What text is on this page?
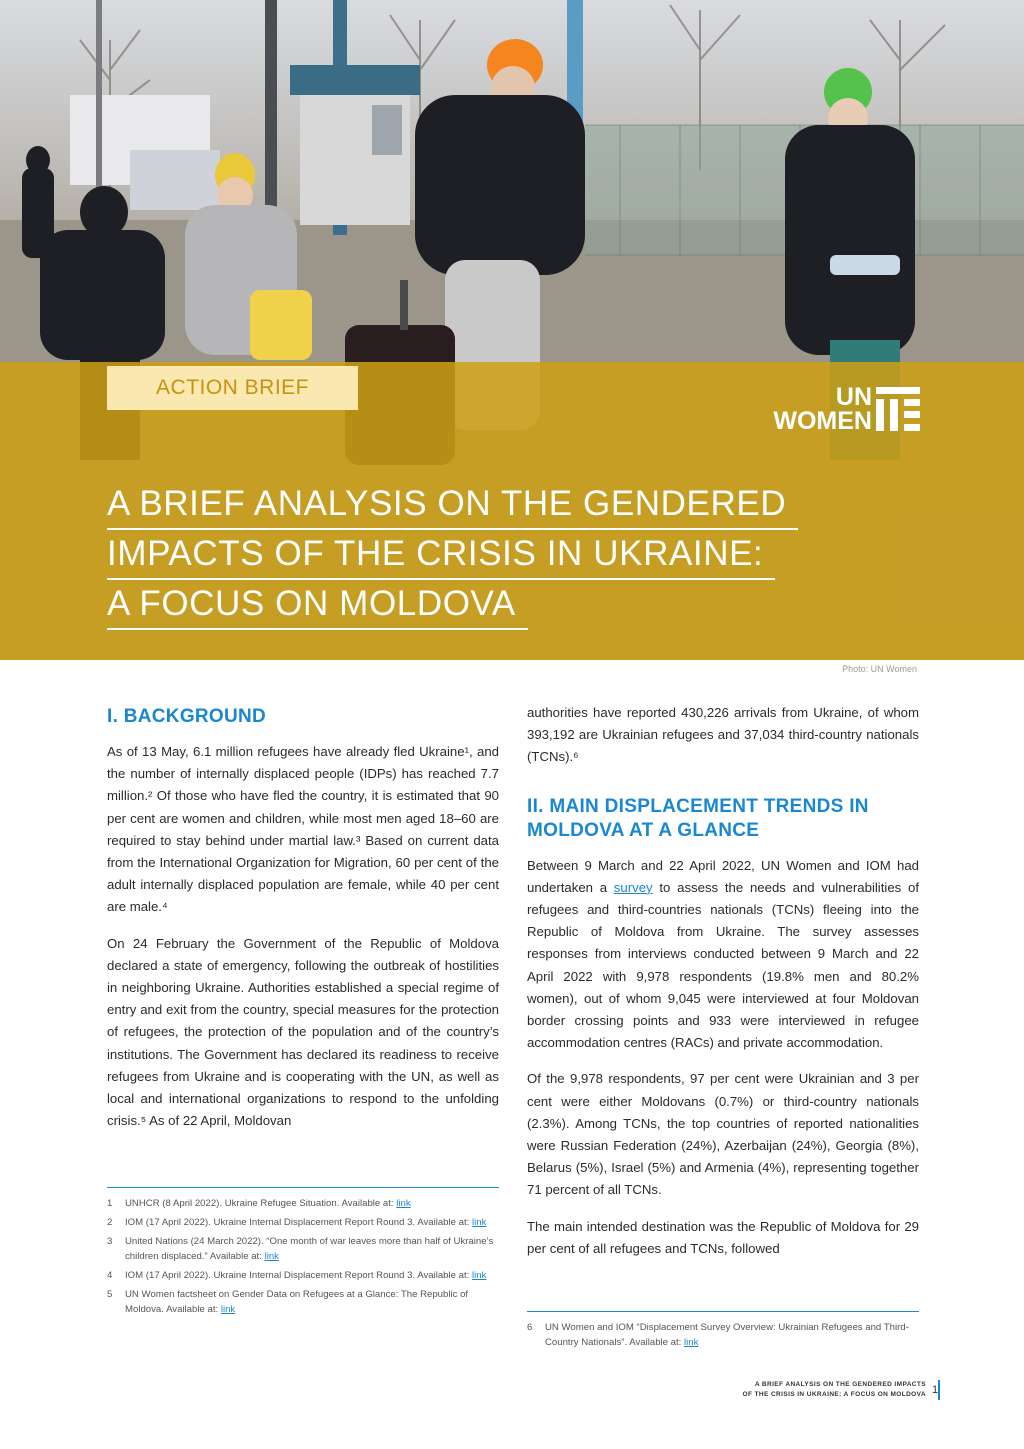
ACTION BRIEF	UN
WOMEN
A BRIEF ANALYSIS ON THE GENDERED
IMPACTS OF THE CRISIS IN UKRAINE:
A FOCUS ON MOLDOVA
Photo: UN Women
I. BACKGROUND

As of 13 May, 6.1 million refugees have already fled Ukraine¹, and the number of internally displaced people (IDPs) has reached 7.7 million.² Of those who have fled the country, it is estimated that 90 per cent are women and children, while most men aged 18–60 are required to stay behind under martial law.³ Based on current data from the International Organization for Migration, 60 per cent of the adult internally displaced population are female, while 40 per cent are male.⁴

On 24 February the Government of the Republic of Moldova declared a state of emergency, following the outbreak of hostilities in neighboring Ukraine. Authorities established a special regime of entry and exit from the country, special measures for the protection of refugees, the protection of the population and of the country’s institutions. The Government has declared its readiness to receive refugees from Ukraine and is cooperating with the UN, as well as local and international organizations to respond to the unfolding crisis.⁵ As of 22 April, Moldovan

1	UNHCR (8 April 2022). Ukraine Refugee Situation. Available at: link
2	IOM (17 April 2022). Ukraine Internal Displacement Report Round 3. Available at: link
3	United Nations (24 March 2022). “One month of war leaves more than half of Ukraine’s children displaced.” Available at: link
4	IOM (17 April 2022). Ukraine Internal Displacement Report Round 3. Available at: link
5	UN Women factsheet on Gender Data on Refugees at a Glance: The Republic of Moldova. Available at: link

authorities have reported 430,226 arrivals from Ukraine, of whom 393,192 are Ukrainian refugees and 37,034 third-country nationals (TCNs).⁶

II. MAIN DISPLACEMENT TRENDS IN MOLDOVA AT A GLANCE

Between 9 March and 22 April 2022, UN Women and IOM had undertaken a survey to assess the needs and vulnerabilities of refugees and third-countries nationals (TCNs) fleeing into the Republic of Moldova from Ukraine. The survey assesses responses from interviews conducted between 9 March and 22 April 2022 with 9,978 respondents (19.8% men and 80.2% women), out of whom 9,045 were interviewed at four Moldovan border crossing points and 933 were interviewed in refugee accommodation centres (RACs) and private accommodation.

Of the 9,978 respondents, 97 per cent were Ukrainian and 3 per cent were either Moldovans (0.7%) or third-country nationals (2.3%). Among TCNs, the top countries of reported nationalities were Russian Federation (24%), Azerbaijan (24%), Georgia (8%), Belarus (5%), Israel (5%) and Armenia (4%), representing together 71 percent of all TCNs.

The main intended destination was the Republic of Moldova for 29 per cent of all refugees and TCNs, followed

6	UN Women and IOM “Displacement Survey Overview: Ukrainian Refugees and Third-Country Nationals”. Available at: link
A BRIEF ANALYSIS ON THE GENDERED IMPACTS
OF THE CRISIS IN UKRAINE: A FOCUS ON MOLDOVA 1
